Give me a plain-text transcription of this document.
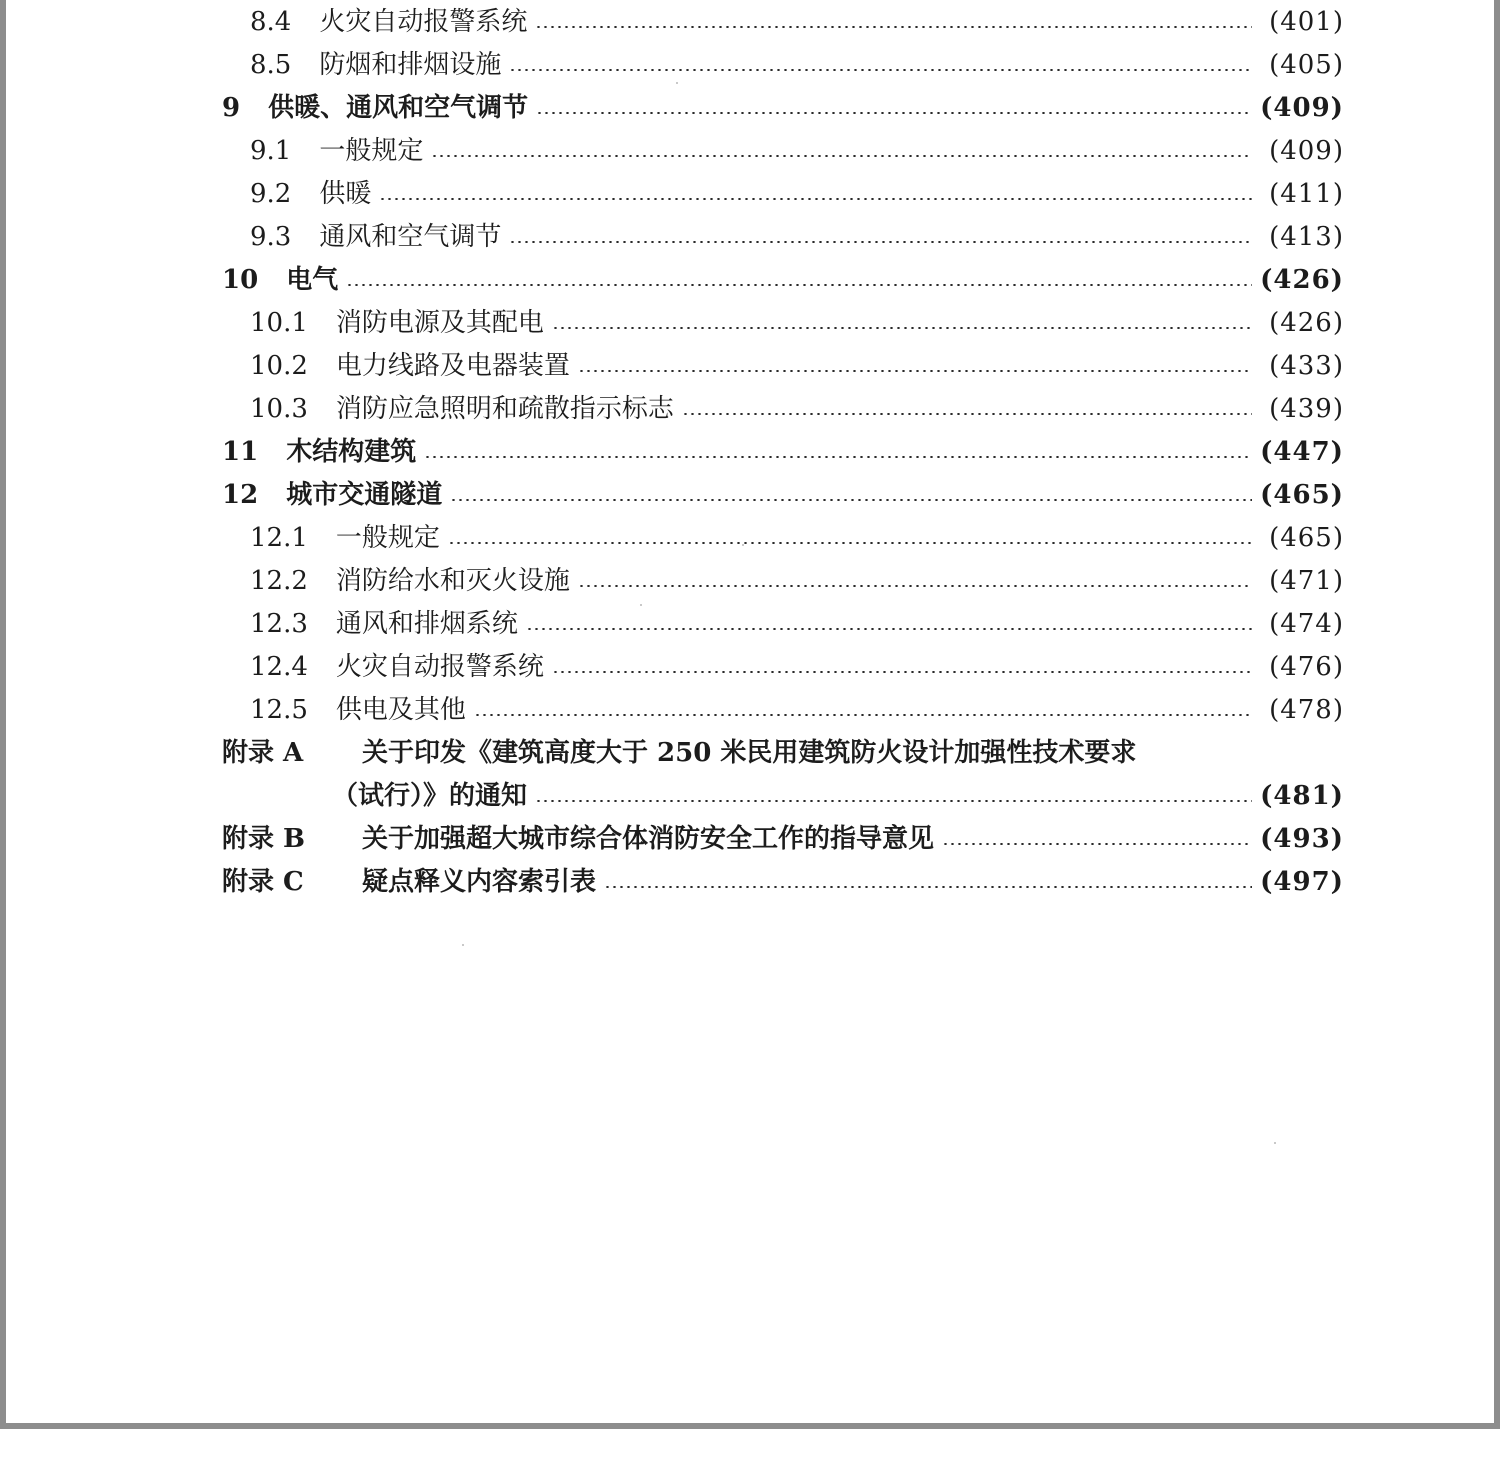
8.4 火灾自动报警系统	(401)
8.5 防烟和排烟设施	(405)
9 供暖、通风和空气调节	(409)
9.1 一般规定	(409)
9.2 供暖	(411)
9.3 通风和空气调节	(413)
10 电气	(426)
10.1 消防电源及其配电	(426)
10.2 电力线路及电器装置	(433)
10.3 消防应急照明和疏散指示标志	(439)
11 木结构建筑	(447)
12 城市交通隧道	(465)
12.1 一般规定	(465)
12.2 消防给水和灭火设施	(471)
12.3 通风和排烟系统	(474)
12.4 火灾自动报警系统	(476)
12.5 供电及其他	(478)
附录 A	关于印发《建筑高度大于 250 米民用建筑防火设计加强性技术要求
（试行）》的通知	(481)
附录 B	关于加强超大城市综合体消防安全工作的指导意见	(493)
附录 C	疑点释义内容索引表	(497)
